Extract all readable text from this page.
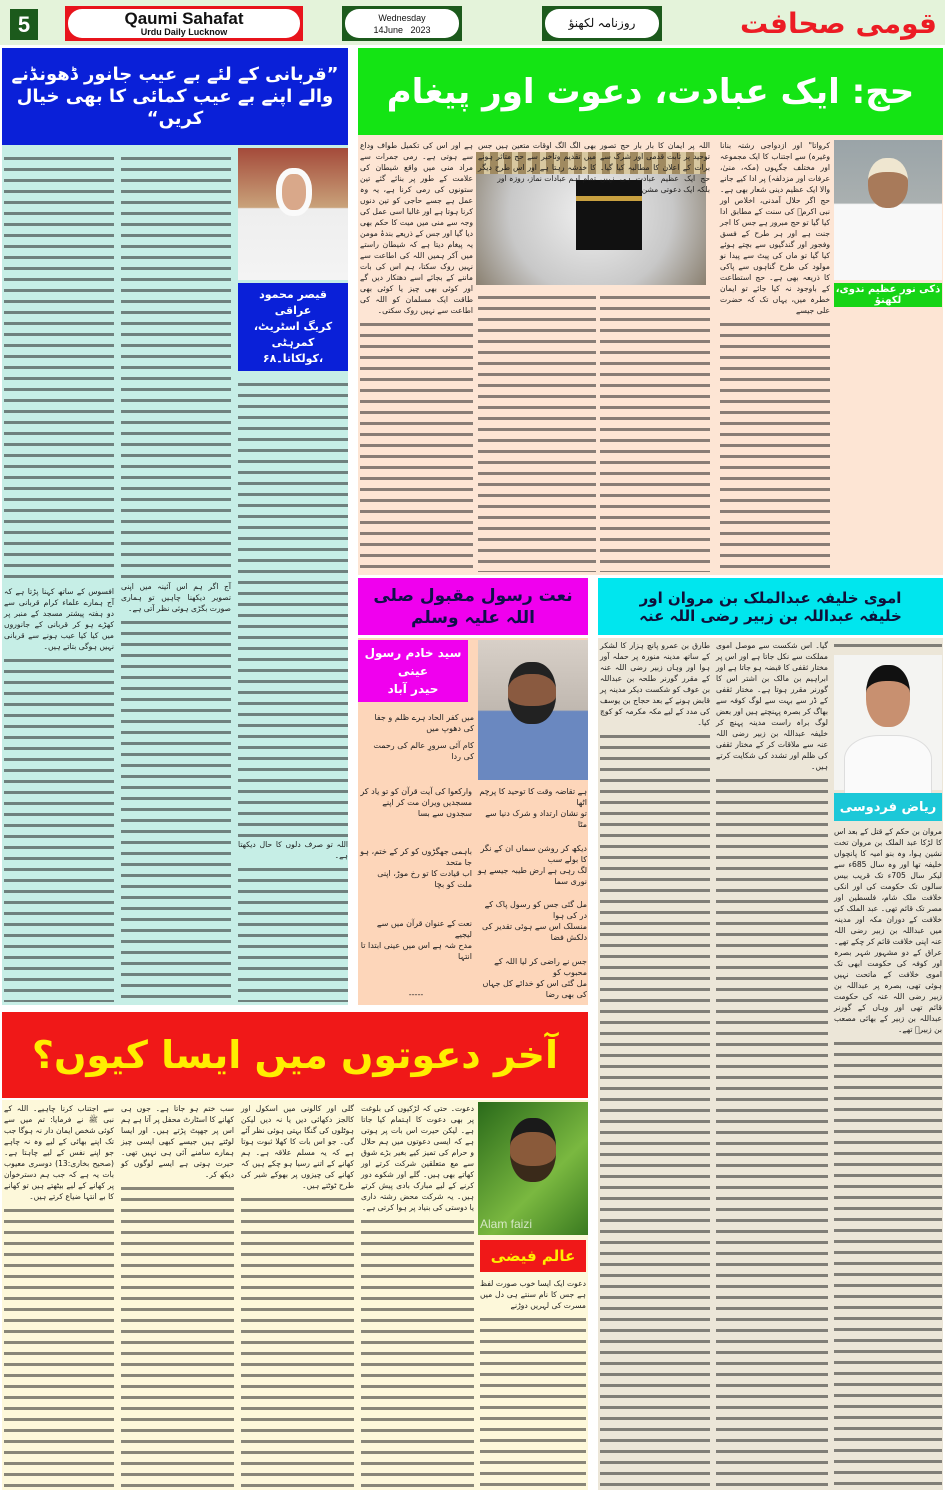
5	Qaumi Sahafat
Urdu Daily Lucknow
Wednesday
14June   2023	روزنامہ لکھنؤ	قومی صحافت
”قربانی کے لئے بے عیب جانور ڈھونڈنے
والے اپنے بے عیب کمائی کا بھی خیال کریں“

افسوس کے ساتھ کہنا پڑتا ہے کہ آج ہمارے علماء کرام قربانی سے دو ہفتہ پیشتر مسجد کے منبر پر کھڑے ہو کر قربانی کے جانوروں میں کیا کیا عیب ہونے سے قربانی نہیں ہوگی بتاتے ہیں۔

آج اگر ہم اس آئینہ میں اپنی تصویر دیکھنا چاہیں تو ہماری صورت بگڑی ہوئی نظر آتی ہے۔

اللہ تو صرف دلوں کا حال دیکھتا ہے۔

قیصر محمود عراقی
کریگ اسٹریٹ، کمرہٹی
،کولکاتا۔۶۸
حج: ایک عبادت، دعوت اور پیغام

کرواتا" اور ازدواجی رشتہ بنانا وغیرہ) سے اجتناب کا ایک مجموعہ اور مختلف جگہوں (مکہ، منیٰ، عرفات اور مزدلفہ) پر ادا کیے جانے والا ایک عظیم دینی شعار بھی ہے۔ حج اگر حلال آمدنی، اخلاص اور نبی اکرمؐ کی سنت کے مطابق ادا کیا گیا تو حج مبرور ہے جس کا اجر جنت ہے اور ہر طرح کے فسق وفجور اور گندگیوں سے بچتے ہوئے کیا گیا تو ماں کی پیٹ سے پیدا نو مولود کی طرح گناہوں سے پاکی کا ذریعہ بھی ہے۔ حج استطاعت کے باوجود نہ کیا جائے تو ایمان خطرہ میں، یہاں تک کہ حضرت علی جیسے

اللہ پر ایمان کا بار بار حج تصور توحید پر ثابت قدمی اور شرک سے برات کے اعلان کا مطالبہ کیا گیا۔ حج ایک عظیم عبادت ہی نہیں بلکہ ایک دعوتی مشن

بھی الگ الگ اوقات متعین ہیں جس میں تقدیم وتاخیر سے حج متاثر ہونے کا خدشہ رہتا ہے اور اس طرح دیگر تمام اہم عبادات نماز، روزہ اور

ہے اور اس کی تکمیل طواف وداع سے ہوتی ہے۔ رمی جمرات سے مراد منی میں واقع شیطان کی علامت کے طور پر بنائے گئے تین ستونوں کی رمی کرنا ہے، یہ وہ عمل ہے جسے حاجی کو تین دنوں کرنا ہوتا ہے اور غالبا اسی عمل کی وجہ سے منی میں میت کا حکم بھی دیا گیا اور جس کے ذریعے بندۂ مومن یہ پیغام دیتا ہے کہ شیطان راستے میں آکر ہمیں اللہ کی اطاعت سے نہیں روک سکتا، ہم اس کی بات ماننے کے بجائے اسے دھتکار دیں گے اور کوئی بھی چیز یا کوئی بھی طاقت ایک مسلمان کو اللہ کی اطاعت سے نہیں روک سکتی۔

ذکی نور عظیم ندوی، لکھنؤ
نعت رسول مقبول صلی اللہ علیہ وسلم
سید خادم رسول عینی
حیدر آباد
میں کفر الحاد ہرے ظلم و جفا کی دھوپ میں
کام آئی سرورِ عالم کی رحمت کی ردا
ہے تقاضہ وقت کا توحید کا پرچم اٹھا
تو نشان ارتداد و شرک دنیا سے مٹا
دیکھ کر روشن سماں ان کے نگر کا بولے سب
لگ رہی ہے ارض طیبہ جیسے ہو نوری سما
مل گئی جس کو رسول پاک کے در کی ہوا
منسلک اس سے ہوئی تقدیر کی دلکش فضا
جس نے راضی کر لیا اللہ کے محبوب کو
مل گئی اس کو خدائے کل جہاں کی بھی رضا
وارکعوا کی آیت قرآن کو تو یاد کر
مسجدیں ویران مت کر اپنے سجدوں سے بسا
باہمی جھگڑوں کو کر کے ختم، ہو جا متحد
اب قیادت کا تو رخ موڑ، اپنی ملت کو بچا
نعت کے عنوان قرآن میں سے لیجیے
مدح شہ ہے اس میں عینی ابتدا تا انتہا
-----
اموی خلیفہ عبدالملک بن مروان اور
خلیفہ عبداللہ بن زبیر رضی اللہ عنہ

مروان بن حکم کے قتل کے بعد اس کا لڑکا عبد الملک بن مروان تخت نشین ہوا، وہ بنو امیہ کا پانچواں خلیفہ تھا اور وہ سال 685ء سے لیکر سال 705ء تک قریب بیس سالوں تک حکومت کی اور انکی خلافت ملک شام، فلسطین اور مصر تک قائم تھی۔ عبد الملک کی خلافت کے دوران مکہ اور مدینہ میں عبداللہ بن زبیر رضی اللہ عنہ اپنی خلافت قائم کر چکے تھے۔ عراق کے دو مشہور شہر بصرہ اور کوفہ کی حکومت ابھی تک اموی خلافت کے ماتحت نہیں ہوئی تھی، بصرہ پر عبداللہ بن زبیر رضی اللہ عنہ کی حکومت قائم تھی اور وہاں کے گورنر عبداللہ بن زبیر کے بھائی مصعب بن زبیرؓ تھے۔

گیا۔ اس شکست سے موصل اموی مملکت سے نکل جاتا ہے اور اس پر مختار ثقفی کا قبضہ ہو جاتا ہے اور ابراہیم بن مالک بن اشتر اس کا گورنر مقرر ہوتا ہے۔ مختار ثقفی کے ڈر سے بہت سے لوگ کوفہ سے بھاگ کر بصرہ پہنچتے ہیں اور بعض لوگ براہ راست مدینہ پہنچ کر خلیفہ عبداللہ بن زبیر رضی اللہ عنہ سے ملاقات کر کے مختار ثقفی کی ظلم اور تشدد کی شکایت کرتے ہیں۔

طارق بن عمرو پانچ ہزار کا لشکر کے ساتھ مدینہ منورہ پر حملہ آور ہوا اور وہاں زبیر رضی اللہ عنہ کے مقرر گورنر طلحہ بن عبداللہ بن عوف کو شکست دیکر مدینہ پر قابض ہونے کے بعد حجاج بن یوسف کی مدد کے لیے مکہ مکرمہ کو کوچ کیا۔

ریاض فردوسی
آخر دعوتوں میں ایسا کیوں؟
Alam faizi
عالم فیضی

دعوت ایک ایسا خوب صورت لفظ ہے جس کا نام سنتے ہی دل میں مسرت کی لہریں دوڑنے

دعوت۔ حتی کہ لڑکیوں کی بلوغت پر بھی دعوت کا اہتمام کیا جاتا ہے۔ لیکن حیرت اس بات پر ہوتی ہے کہ ایسی دعوتوں میں ہم حلال و حرام کی تمیز کیے بغیر بڑے شوق سے مع متعلقین شرکت کرتے اور کھاتے بھی ہیں۔ گلے اور شکوے دور کرنے کے لیے مبارک بادی پیش کرتے ہیں۔ یہ شرکت محض رشتہ داری یا دوستی کی بنیاد پر ہوا کرتی ہے۔

گلی اور کالونی میں اسکول اور کالجز دکھائی دیں یا نہ دیں لیکن ہوٹلوں کی گنگا بہتی ہوئی نظر آئے گی۔ جو اس بات کا کھلا ثبوت ہوتا ہے کہ یہ مسلم علاقہ ہے۔ ہم کھانے کے اتنے رسیا ہو چکے ہیں کہ کھانے کی چیزوں پر بھوکے شیر کی طرح ٹوٹتے ہیں۔

سب ختم ہو جاتا ہے۔ جوں ہی کھانے کا اسٹارٹ محفل پر آتا ہے ہم اس پر جھپٹ پڑتے ہیں۔ اور ایسا لوٹتے ہیں جیسے کبھی ایسی چیز ہمارے سامنے آئی ہی نہیں تھی۔ حیرت ہوتی ہے ایسے لوگوں کو دیکھ کر۔

سے اجتناب کرنا چاہیے۔ اللہ کے نبی ﷺ نے فرمایا: تم میں سے کوئی شخص ایمان دار نہ ہوگا جب تک اپنے بھائی کے لیے وہ نہ چاہے جو اپنے نفس کے لیے چاہتا ہے۔ (صحیح بخاری:13) دوسری معیوب بات یہ ہے کہ جب ہم دسترخوان پر کھانے کے لیے بیٹھتے ہیں تو کھانے کا بے انتہا ضیاع کرتے ہیں۔
